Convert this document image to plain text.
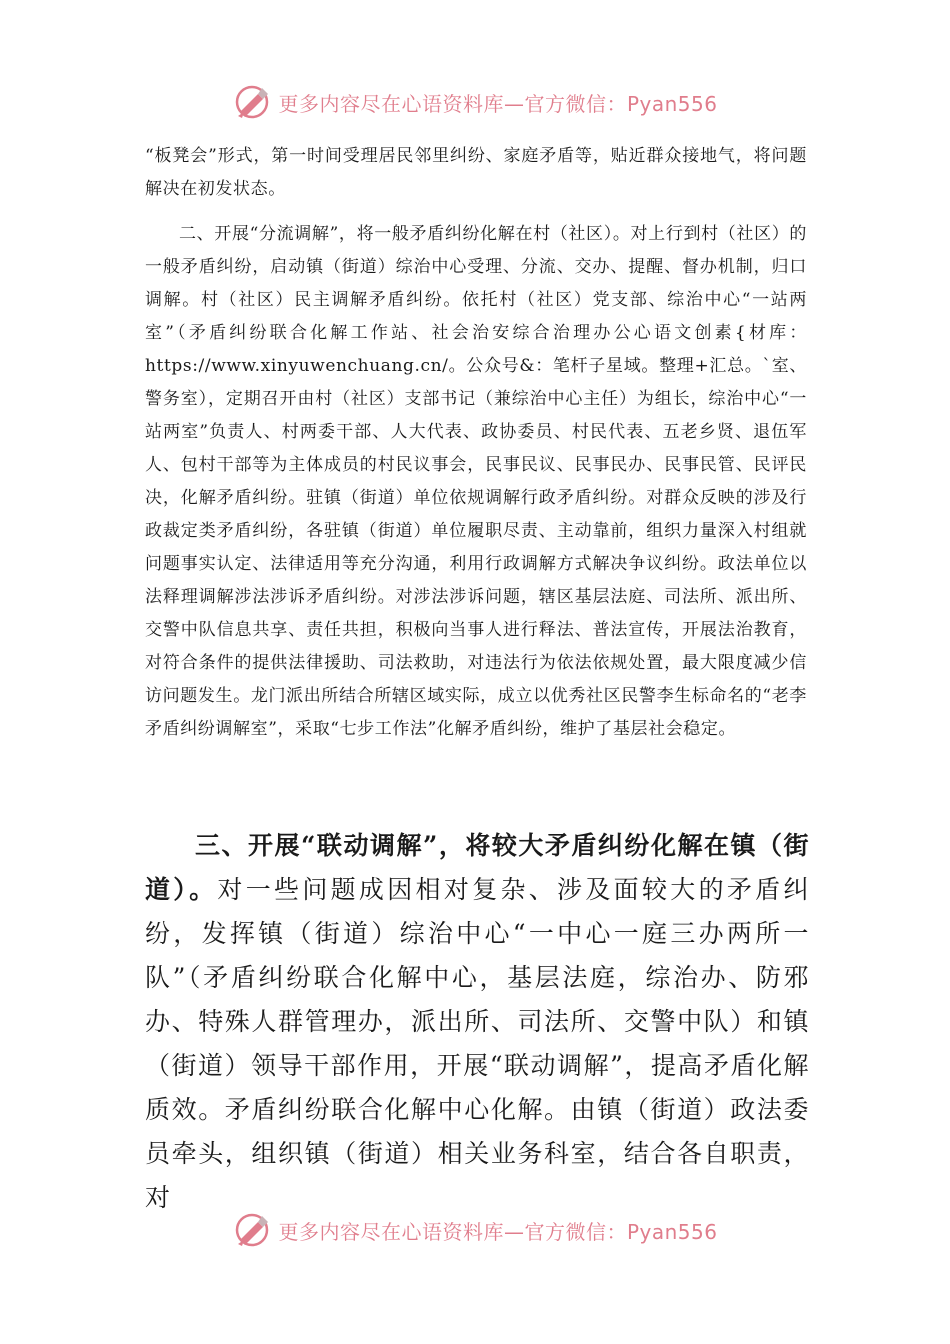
更多内容尽在心语资料库—官方微信：Pyan556

“板凳会”形式，第一时间受理居民邻里纠纷、家庭矛盾等，贴近群众接地气，将问题解决在初发状态。

二、开展“分流调解”，将一般矛盾纠纷化解在村（社区）。对上行到村（社区）的一般矛盾纠纷，启动镇（街道）综治中心受理、分流、交办、提醒、督办机制，归口调解。村（社区）民主调解矛盾纠纷。依托村（社区）党支部、综治中心“一站两室”（矛盾纠纷联合化解工作站、社会治安综合治理办公心语文创素{材库：https://www.xinyuwenchuang.cn/。公众号&：笔杆子星域。整理+汇总。`室、警务室），定期召开由村（社区）支部书记（兼综治中心主任）为组长，综治中心“一站两室”负责人、村两委干部、人大代表、政协委员、村民代表、五老乡贤、退伍军人、包村干部等为主体成员的村民议事会，民事民议、民事民办、民事民管、民评民决，化解矛盾纠纷。驻镇（街道）单位依规调解行政矛盾纠纷。对群众反映的涉及行政裁定类矛盾纠纷，各驻镇（街道）单位履职尽责、主动靠前，组织力量深入村组就问题事实认定、法律适用等充分沟通，利用行政调解方式解决争议纠纷。政法单位以法释理调解涉法涉诉矛盾纠纷。对涉法涉诉问题，辖区基层法庭、司法所、派出所、交警中队信息共享、责任共担，积极向当事人进行释法、普法宣传，开展法治教育，对符合条件的提供法律援助、司法救助，对违法行为依法依规处置，最大限度减少信访问题发生。龙门派出所结合所辖区域实际，成立以优秀社区民警李生标命名的“老李矛盾纠纷调解室”，采取“七步工作法”化解矛盾纠纷，维护了基层社会稳定。

三、开展“联动调解”，将较大矛盾纠纷化解在镇（街道）。对一些问题成因相对复杂、涉及面较大的矛盾纠纷，发挥镇（街道）综治中心“一中心一庭三办两所一队”（矛盾纠纷联合化解中心，基层法庭，综治办、防邪办、特殊人群管理办，派出所、司法所、交警中队）和镇（街道）领导干部作用，开展“联动调解”，提高矛盾化解质效。矛盾纠纷联合化解中心化解。由镇（街道）政法委员牵头，组织镇（街道）相关业务科室，结合各自职责，对

更多内容尽在心语资料库—官方微信：Pyan556
